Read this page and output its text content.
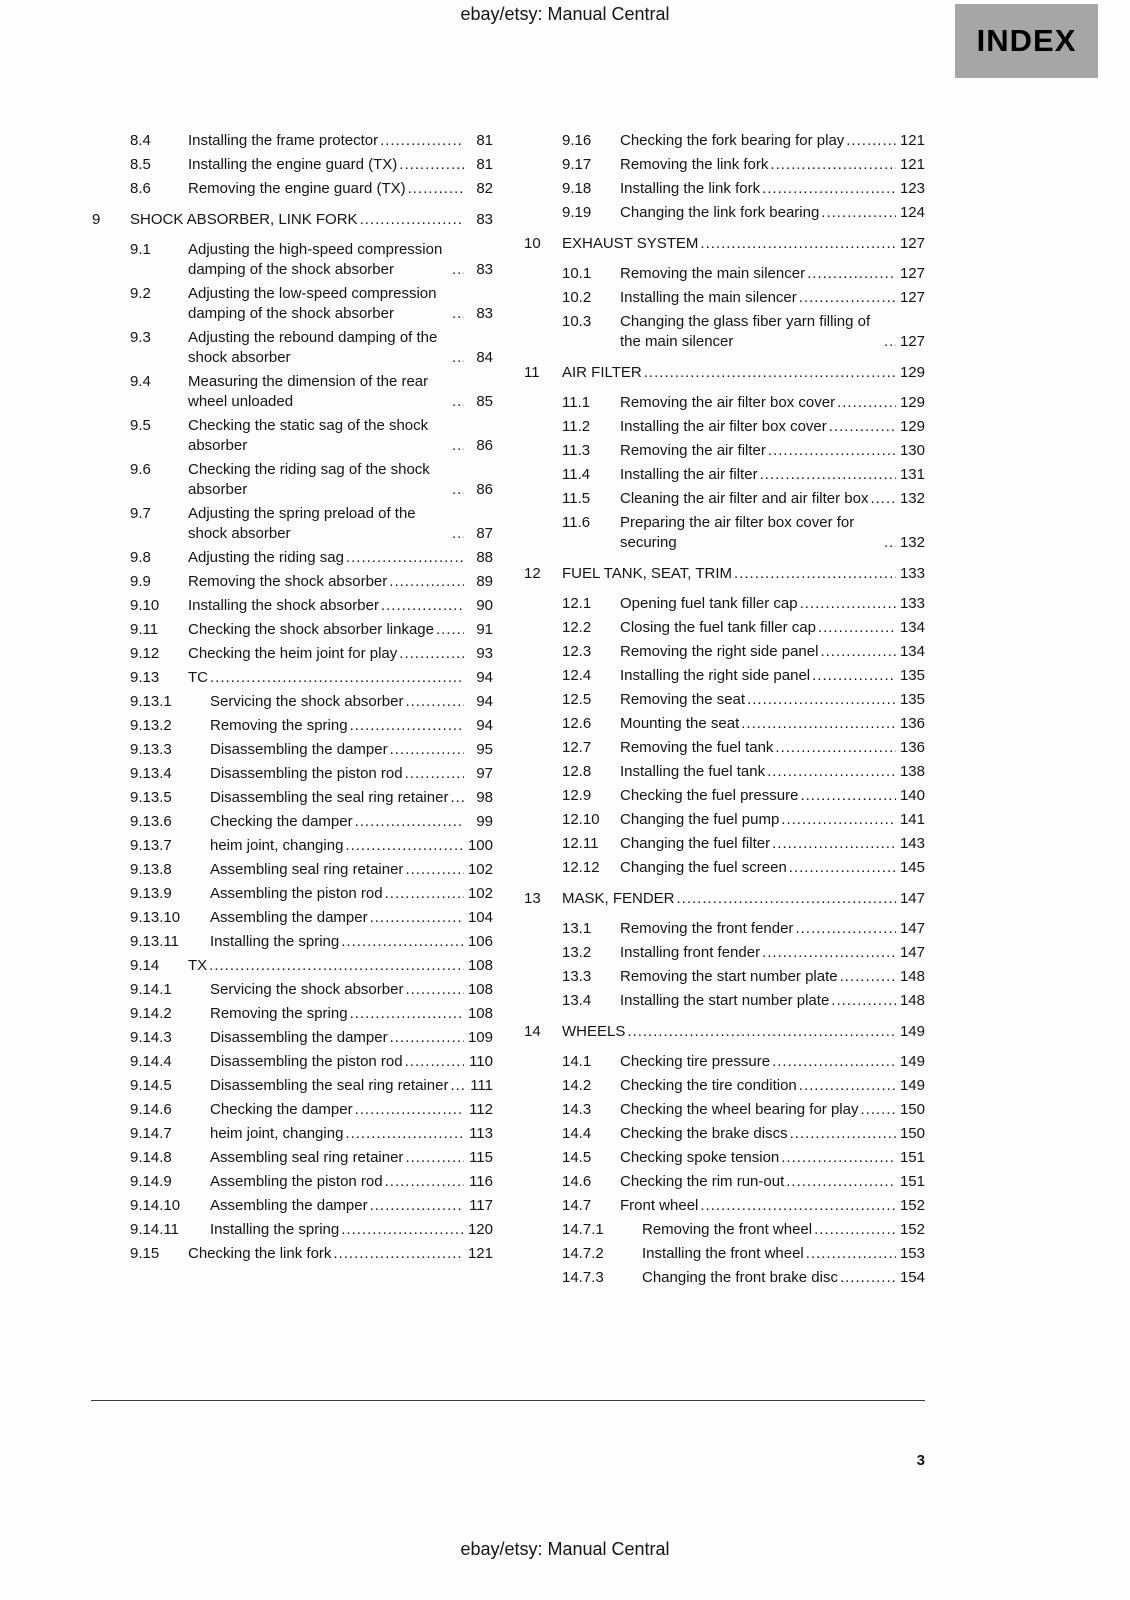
ebay/etsy: Manual Central
INDEX
8.4	Installing the frame protector .....	81
8.5	Installing the engine guard (TX) .....	81
8.6	Removing the engine guard (TX) .....	82
9	SHOCK ABSORBER, LINK FORK .....	83
9.1	Adjusting the high-speed compression damping of the shock absorber .....	83
9.2	Adjusting the low-speed compression damping of the shock absorber .....	83
9.3	Adjusting the rebound damping of the shock absorber .....	84
9.4	Measuring the dimension of the rear wheel unloaded .....	85
9.5	Checking the static sag of the shock absorber .....	86
9.6	Checking the riding sag of the shock absorber .....	86
9.7	Adjusting the spring preload of the shock absorber .....	87
9.8	Adjusting the riding sag .....	88
9.9	Removing the shock absorber .....	89
9.10	Installing the shock absorber .....	90
9.11	Checking the shock absorber linkage .....	91
9.12	Checking the heim joint for play .....	93
9.13	TC .....	94
9.13.1	Servicing the shock absorber .....	94
9.13.2	Removing the spring .....	94
9.13.3	Disassembling the damper .....	95
9.13.4	Disassembling the piston rod .....	97
9.13.5	Disassembling the seal ring retainer .....	98
9.13.6	Checking the damper .....	99
9.13.7	heim joint, changing .....	100
9.13.8	Assembling seal ring retainer .....	102
9.13.9	Assembling the piston rod .....	102
9.13.10	Assembling the damper .....	104
9.13.11	Installing the spring .....	106
9.14	TX .....	108
9.14.1	Servicing the shock absorber .....	108
9.14.2	Removing the spring .....	108
9.14.3	Disassembling the damper .....	109
9.14.4	Disassembling the piston rod .....	110
9.14.5	Disassembling the seal ring retainer ..... 111
9.14.6	Checking the damper .....	112
9.14.7	heim joint, changing .....	113
9.14.8	Assembling seal ring retainer .....	115
9.14.9	Assembling the piston rod .....	116
9.14.10	Assembling the damper .....	117
9.14.11	Installing the spring .....	120
9.15	Checking the link fork .....	121
9.16	Checking the fork bearing for play .....	121
9.17	Removing the link fork .....	121
9.18	Installing the link fork .....	123
9.19	Changing the link fork bearing .....	124
10	EXHAUST SYSTEM .....	127
10.1	Removing the main silencer .....	127
10.2	Installing the main silencer .....	127
10.3	Changing the glass fiber yarn filling of the main silencer .....	127
11	AIR FILTER .....	129
11.1	Removing the air filter box cover .....	129
11.2	Installing the air filter box cover .....	129
11.3	Removing the air filter .....	130
11.4	Installing the air filter .....	131
11.5	Cleaning the air filter and air filter box ..... 132
11.6	Preparing the air filter box cover for securing .....	132
12	FUEL TANK, SEAT, TRIM .....	133
12.1	Opening fuel tank filler cap .....	133
12.2	Closing the fuel tank filler cap .....	134
12.3	Removing the right side panel .....	134
12.4	Installing the right side panel .....	135
12.5	Removing the seat .....	135
12.6	Mounting the seat .....	136
12.7	Removing the fuel tank .....	136
12.8	Installing the fuel tank .....	138
12.9	Checking the fuel pressure .....	140
12.10	Changing the fuel pump .....	141
12.11	Changing the fuel filter .....	143
12.12	Changing the fuel screen .....	145
13	MASK, FENDER .....	147
13.1	Removing the front fender .....	147
13.2	Installing front fender .....	147
13.3	Removing the start number plate .....	148
13.4	Installing the start number plate .....	148
14	WHEELS .....	149
14.1	Checking tire pressure .....	149
14.2	Checking the tire condition .....	149
14.3	Checking the wheel bearing for play .....	150
14.4	Checking the brake discs .....	150
14.5	Checking spoke tension .....	151
14.6	Checking the rim run-out .....	151
14.7	Front wheel .....	152
14.7.1	Removing the front wheel .....	152
14.7.2	Installing the front wheel .....	153
14.7.3	Changing the front brake disc .....	154
3
ebay/etsy: Manual Central
